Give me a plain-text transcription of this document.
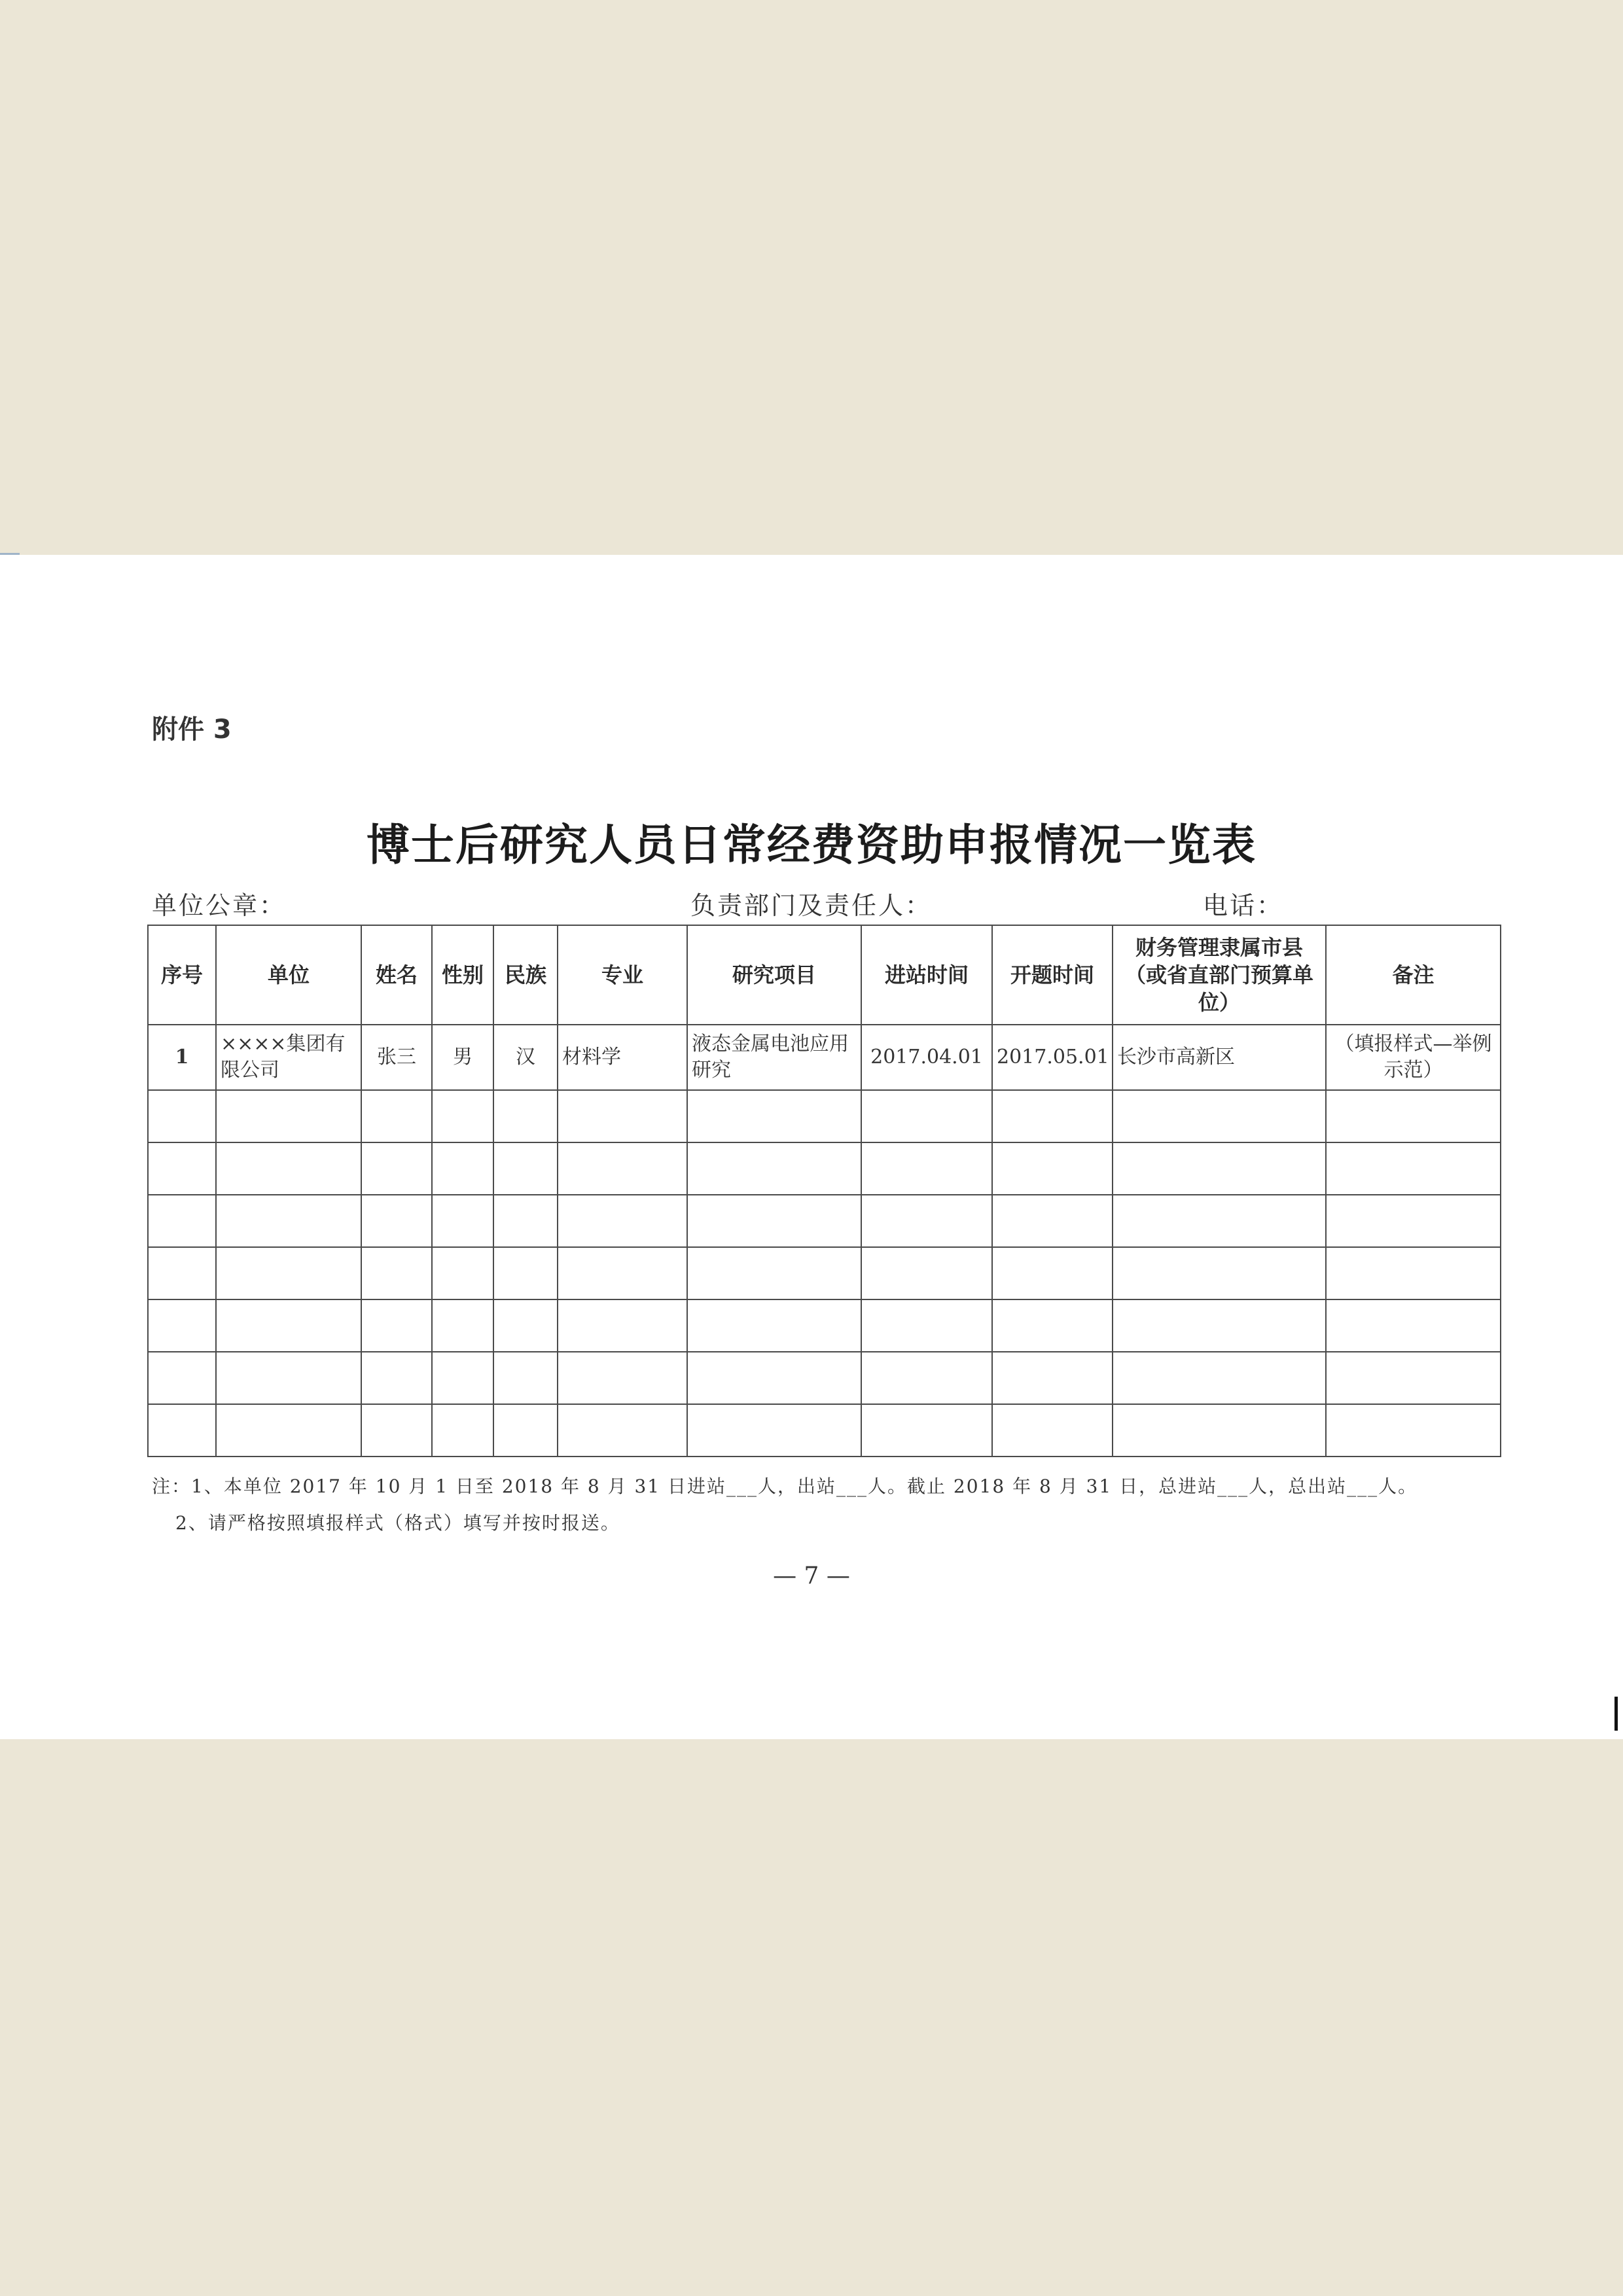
附件 3
博士后研究人员日常经费资助申报情况一览表
单位公章：	负责部门及责任人：	电话：
序号	单位	姓名	性别	民族	专业	研究项目	进站时间	开题时间	财务管理隶属市县（或省直部门预算单位）	备注
1	××××集团有限公司	张三	男	汉	材料学	液态金属电池应用研究	2017.04.01	2017.05.01	长沙市高新区	（填报样式—举例示范）

注：1、本单位 2017 年 10 月 1 日至 2018 年 8 月 31 日进站___人，出站___人。截止 2018 年 8 月 31 日，总进站___人，总出站___人。
2、请严格按照填报样式（格式）填写并按时报送。
— 7 —
